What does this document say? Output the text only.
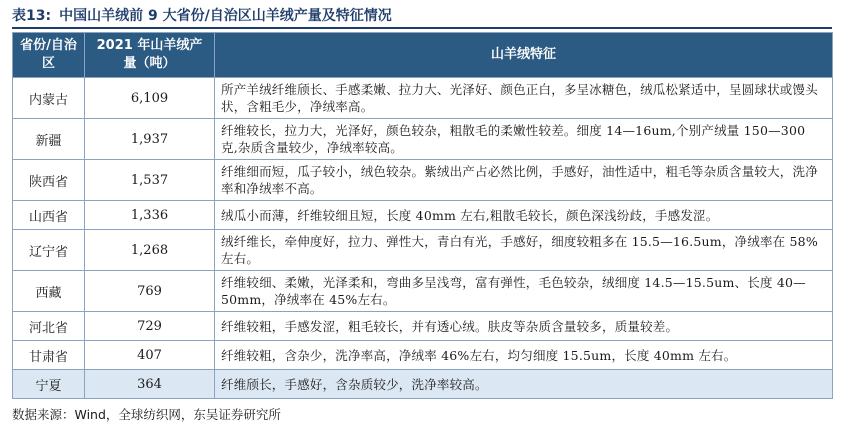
表13: 中国山羊绒前 9 大省份/自治区山羊绒产量及特征情况
省份/自治区	2021 年山羊绒产量（吨）	山羊绒特征
内蒙古	6,109	所产羊绒纤维颀长、手感柔嫩、拉力大、光泽好、颜色正白，多呈冰糖色，绒瓜松紧适中，呈圆球状或馒头状，含粗毛少，净绒率高。
新疆	1,937	纤维较长，拉力大，光泽好，颜色较杂，粗散毛的柔嫩性较差。细度 14—16um,个别产绒量 150—300 克,杂质含量较少，净绒率较高。
陕西省	1,537	纤维细而短，瓜子较小，绒色较杂。紫绒出产占必然比例，手感好，油性适中，粗毛等杂质含量较大，洗净率和净绒率不高。
山西省	1,336	绒瓜小而薄，纤维较细且短，长度 40mm 左右,粗散毛较长，颜色深浅纷歧，手感发涩。
辽宁省	1,268	绒纤维长，牵伸度好，拉力、弹性大，青白有光，手感好，细度较粗多在 15.5—16.5um，净绒率在 58%左右。
西藏	769	纤维较细、柔嫩，光泽柔和，弯曲多呈浅弯，富有弹性，毛色较杂，绒细度 14.5—15.5um、长度 40—50mm，净绒率在 45%左右。
河北省	729	纤维较粗，手感发涩，粗毛较长，并有透心绒。肤皮等杂质含量较多，质量较差。
甘肃省	407	纤维较粗，含杂少，洗净率高，净绒率 46%左右，均匀细度 15.5um，长度 40mm 左右。
宁夏	364	纤维颀长，手感好，含杂质较少，洗净率较高。
数据来源：Wind，全球纺织网，东吴证券研究所
